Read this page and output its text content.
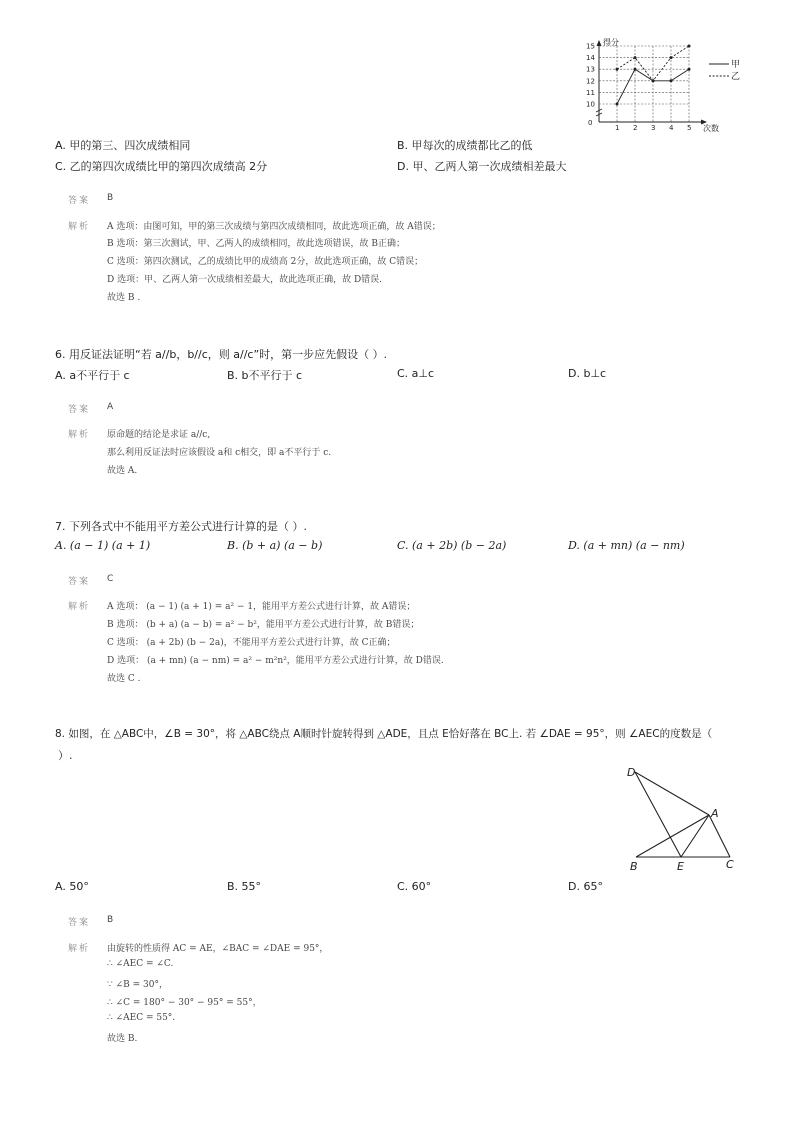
0
10
11
12
13
14
15
1 2 3 4 5
得分
次数
甲
乙
A. 甲的第三、四次成绩相同	B. 甲每次的成绩都比乙的低
C. 乙的第四次成绩比甲的第四次成绩高 2分	D. 甲、乙两人第一次成绩相差最大
答案 B
解析 A 选项：由图可知，甲的第三次成绩与第四次成绩相同，故此选项正确，故 A错误；
B 选项：第三次测试，甲、乙两人的成绩相同，故此选项错误，故 B正确；
C 选项：第四次测试，乙的成绩比甲的成绩高 2分，故此选项正确，故 C错误；
D 选项：甲、乙两人第一次成绩相差最大，故此选项正确，故 D错误.
故选 B .
6. 用反证法证明“若 a//b，b//c，则 a//c”时，第一步应先假设（ ）.
A. a不平行于 c	B. b不平行于 c	C. a⊥c	D. b⊥c
答案 A
解析 原命题的结论是求证 a//c,
那么利用反证法时应该假设 a和 c相交，即 a不平行于 c.
故选 A.
7. 下列各式中不能用平方差公式进行计算的是（ ）.
A. (a − 1) (a + 1)	B. (b + a) (a − b)	C. (a + 2b) (b − 2a)	D. (a + mn) (a − nm)
答案 C
解析 A 选项： (a − 1) (a + 1) = a² − 1，能用平方差公式进行计算，故 A错误；
B 选项： (b + a) (a − b) = a² − b²，能用平方差公式进行计算，故 B错误；
C 选项： (a + 2b) (b − 2a)，不能用平方差公式进行计算，故 C正确；
D 选项： (a + mn) (a − nm) = a² − m²n²，能用平方差公式进行计算，故 D错误.
故选 C .
8. 如图，在 △ABC中，∠B = 30°，将 △ABC绕点 A顺时针旋转得到 △ADE，且点 E恰好落在 BC上. 若 ∠DAE = 95°，则 ∠AEC的度数是（
）.
D
A
B	E	C
A. 50°	B. 55°	C. 60°	D. 65°
答案 B
解析 由旋转的性质得 AC = AE，∠BAC = ∠DAE = 95°，
∴ ∠AEC = ∠C.
∵ ∠B = 30°，
∴ ∠C = 180° − 30° − 95° = 55°，
∴ ∠AEC = 55°.
故选 B.
